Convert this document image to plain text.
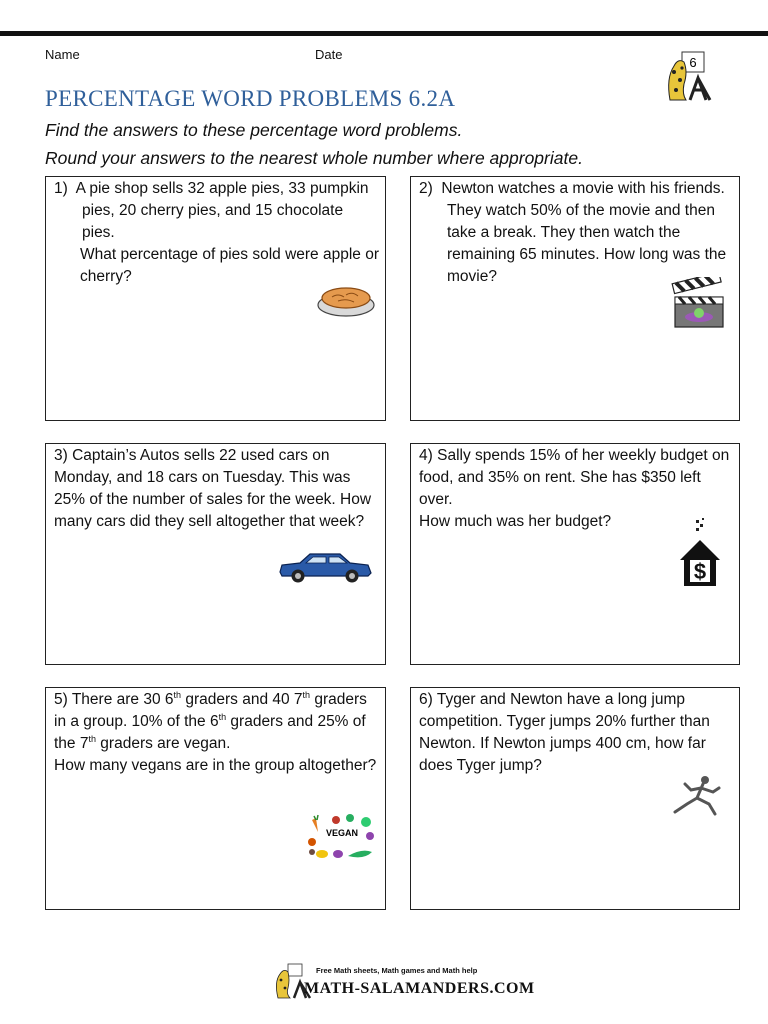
Name	Date
6
PERCENTAGE WORD PROBLEMS 6.2A
Find the answers to these percentage word problems.
Round your answers to the nearest whole number where appropriate.
1) A pie shop sells 32 apple pies, 33 pumpkin pies, 20 cherry pies, and 15 chocolate pies.
What percentage of pies sold were apple or cherry?
2) Newton watches a movie with his friends. They watch 50% of the movie and then take a break. They then watch the remaining 65 minutes. How long was the movie?
3) Captain’s Autos sells 22 used cars on Monday, and 18 cars on Tuesday. This was 25% of the number of sales for the week. How many cars did they sell altogether that week?
4) Sally spends 15% of her weekly budget on food, and 35% on rent. She has $350 left over.
How much was her budget?
$
5) There are 30 6th graders and 40 7th graders in a group. 10% of the 6th graders and 25% of the 7th graders are vegan.
How many vegans are in the group altogether?
VEGAN
6) Tyger and Newton have a long jump competition. Tyger jumps 20% further than Newton. If Newton jumps 400 cm, how far does Tyger jump?
Free Math sheets, Math games and Math help
MATH-SALAMANDERS.COM
